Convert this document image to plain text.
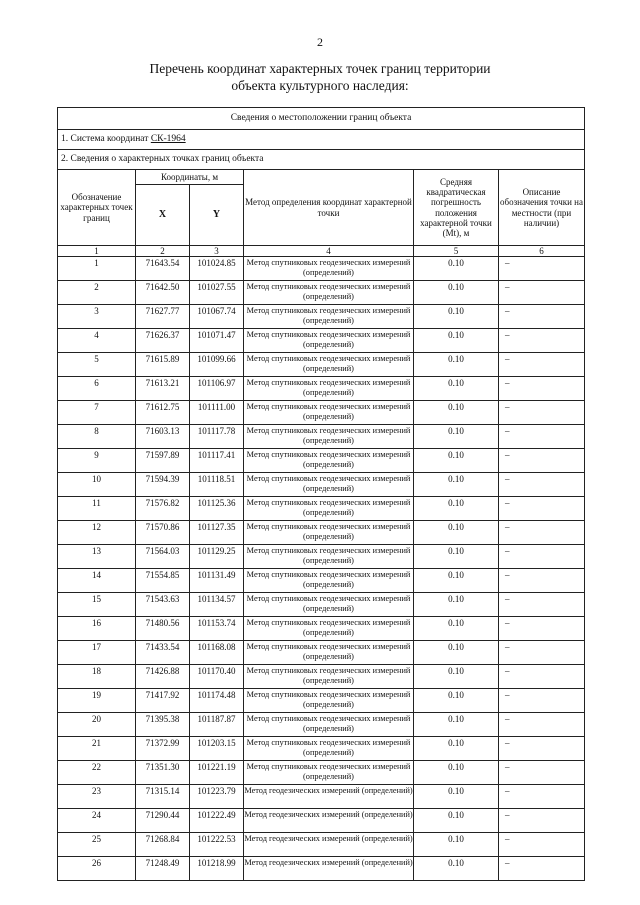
2
Перечень координат характерных точек границ территории
объекта культурного наследия:
Сведения о местоположении границ объекта					
1. Система координат СК-1964					
2. Сведения о характерных точках границ объекта					
Обозначение характерных точек границ	Координаты, м		Метод определения координат характерной точки	Средняя квадратическая погрешность положения характерной точки (Mt), м	Описание обозначения точки на местности (при наличии)
	X	Y			
1	2	3	4	5	6
1	71643.54	101024.85	Метод спутниковых геодезических измерений (определений)	0.10	–
2	71642.50	101027.55	Метод спутниковых геодезических измерений (определений)	0.10	–
3	71627.77	101067.74	Метод спутниковых геодезических измерений (определений)	0.10	–
4	71626.37	101071.47	Метод спутниковых геодезических измерений (определений)	0.10	–
5	71615.89	101099.66	Метод спутниковых геодезических измерений (определений)	0.10	–
6	71613.21	101106.97	Метод спутниковых геодезических измерений (определений)	0.10	–
7	71612.75	101111.00	Метод спутниковых геодезических измерений (определений)	0.10	–
8	71603.13	101117.78	Метод спутниковых геодезических измерений (определений)	0.10	–
9	71597.89	101117.41	Метод спутниковых геодезических измерений (определений)	0.10	–
10	71594.39	101118.51	Метод спутниковых геодезических измерений (определений)	0.10	–
11	71576.82	101125.36	Метод спутниковых геодезических измерений (определений)	0.10	–
12	71570.86	101127.35	Метод спутниковых геодезических измерений (определений)	0.10	–
13	71564.03	101129.25	Метод спутниковых геодезических измерений (определений)	0.10	–
14	71554.85	101131.49	Метод спутниковых геодезических измерений (определений)	0.10	–
15	71543.63	101134.57	Метод спутниковых геодезических измерений (определений)	0.10	–
16	71480.56	101153.74	Метод спутниковых геодезических измерений (определений)	0.10	–
17	71433.54	101168.08	Метод спутниковых геодезических измерений (определений)	0.10	–
18	71426.88	101170.40	Метод спутниковых геодезических измерений (определений)	0.10	–
19	71417.92	101174.48	Метод спутниковых геодезических измерений (определений)	0.10	–
20	71395.38	101187.87	Метод спутниковых геодезических измерений (определений)	0.10	–
21	71372.99	101203.15	Метод спутниковых геодезических измерений (определений)	0.10	–
22	71351.30	101221.19	Метод спутниковых геодезических измерений (определений)	0.10	–
23	71315.14	101223.79	Метод геодезических измерений (определений)	0.10	–
24	71290.44	101222.49	Метод геодезических измерений (определений)	0.10	–
25	71268.84	101222.53	Метод геодезических измерений (определений)	0.10	–
26	71248.49	101218.99	Метод геодезических измерений (определений)	0.10	–
